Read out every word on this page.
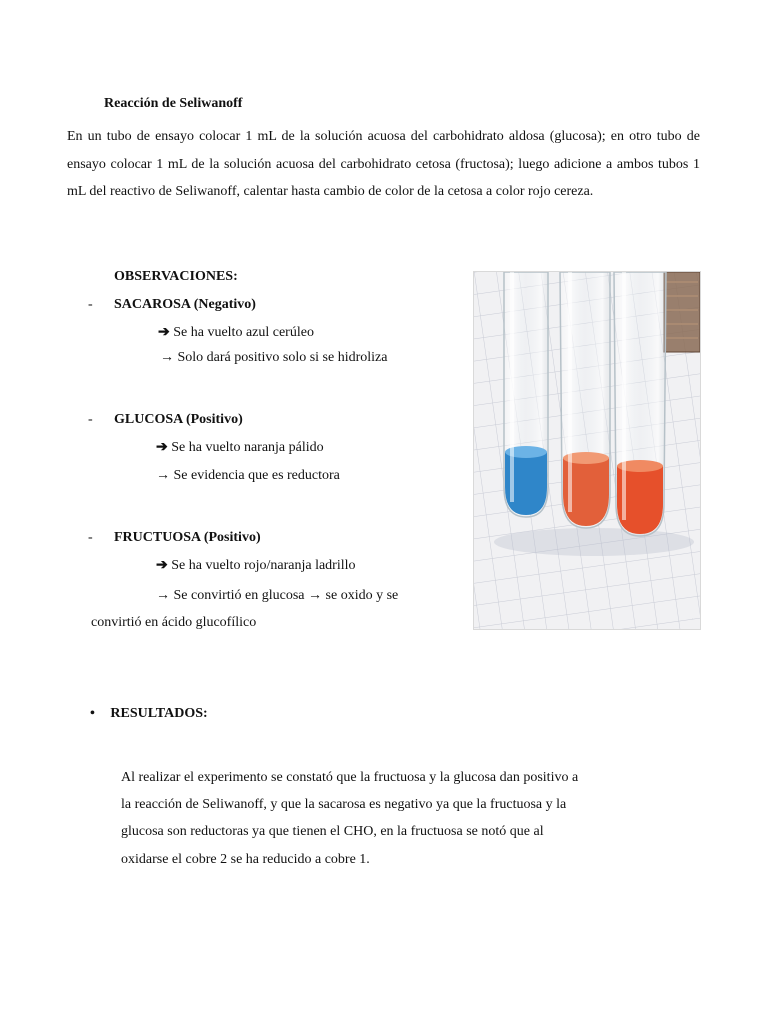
Reacción de Seliwanoff
En un tubo de ensayo colocar 1 mL de la solución acuosa del carbohidrato aldosa (glucosa); en otro tubo de ensayo colocar 1 mL de la solución acuosa del carbohidrato cetosa (fructosa); luego adicione a ambos tubos 1 mL del reactivo de Seliwanoff, calentar hasta cambio de color de la cetosa a color rojo cereza.
OBSERVACIONES:
- SACAROSA (Negativo)
➔ Se ha vuelto azul cerúleo
→ Solo dará positivo solo si se hidroliza
- GLUCOSA (Positivo)
➔ Se ha vuelto naranja pálido
→ Se evidencia que es reductora
- FRUCTUOSA (Positivo)
➔ Se ha vuelto rojo/naranja ladrillo
→ Se convirtió en glucosa → se oxido y se
convirtió en ácido glucofílico
• RESULTADOS:
Al realizar el experimento se constató que la fructuosa y la glucosa dan positivo a
la reacción de Seliwanoff, y que la sacarosa es negativo ya que la fructuosa y la
glucosa son reductoras ya que tienen el CHO, en la fructuosa se notó que al
oxidarse el cobre 2 se ha reducido a cobre 1.
